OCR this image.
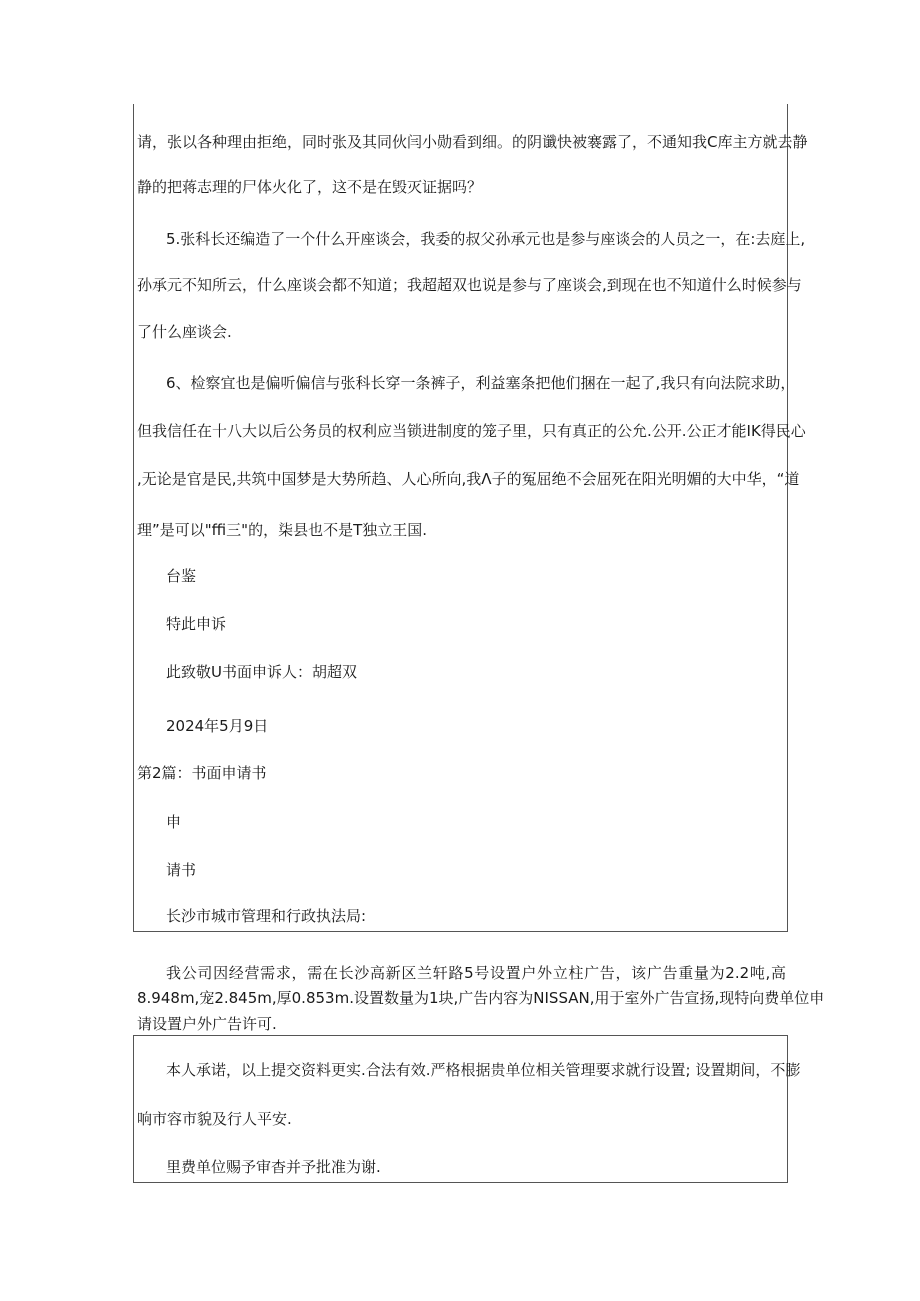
请，张以各种理由拒绝，同时张及其同伙闫小勋看到细。的阴谶快被褰露了，不通知我C库主方就去静

静的把蒋志理的尸体火化了，这不是在毁灭证据吗？

5.张科长还编造了一个什么开座谈会，我委的叔父孙承元也是参与座谈会的人员之一，在:去庭上,

孙承元不知所云，什么座谈会都不知道；我超超双也说是参与了座谈会,到现在也不知道什么时候参与

了什么座谈会.

6、检察宜也是偏听偏信与张科长穿一条裤子，利益塞条把他们捆在一起了,我只有向法院求助，

但我信任在十八大以后公务员的权利应当锁进制度的笼子里，只有真正的公允.公开.公正才能IK得民心

,无论是官是民,共筑中国梦是大势所趋、人心所向,我Λ子的冤屈绝不会屈死在阳光明媚的大中华，“道

理”是可以"ffi三"的，柒县也不是T独立王国.

台鉴

特此申诉

此致敬U书面申诉人：胡超双

2024年5月9日

第2篇：书面申请书

申

请书

长沙市城市管理和行政执法局:

我公司因经营需求，需在长沙高新区兰轩路5号设置户外立柱广告，该广告重量为2.2吨,高

8.948m,宠2.845m,厚0.853m.设置数量为1块,广告内容为NISSAN,用于室外广告宣扬,现特向费单位申

请设置户外广告许可.

本人承诺，以上提交资料更实.合法有效.严格根据贵单位相关管理要求就行设置; 设置期间，不膨

响市容市貌及行人平安.

里费单位赐予审杳并予批准为谢.
